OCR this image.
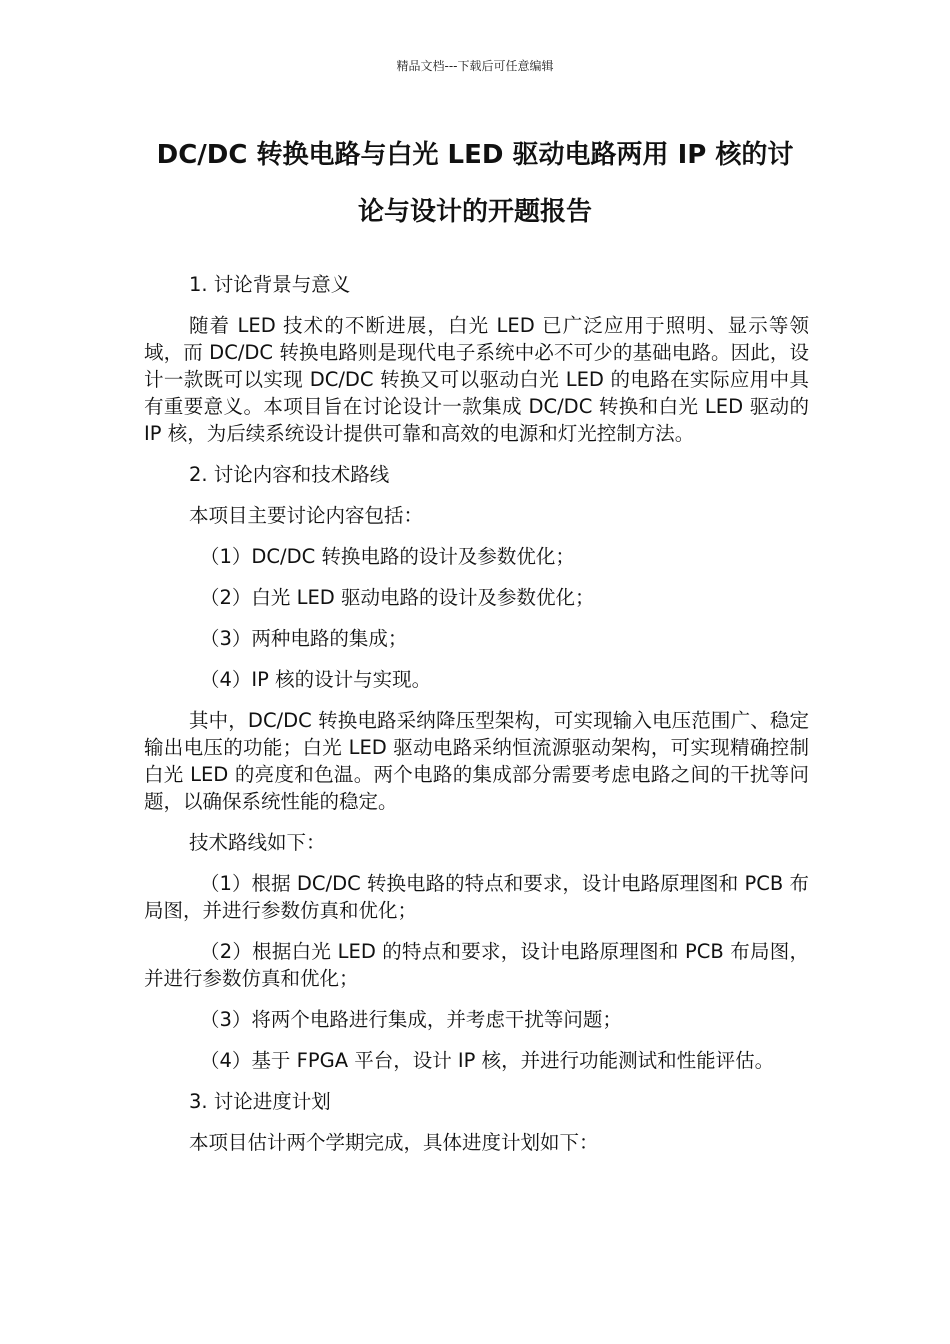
精品文档---下载后可任意编辑
DC/DC 转换电路与白光 LED 驱动电路两用 IP 核的讨
论与设计的开题报告

1. 讨论背景与意义

随着 LED 技术的不断进展，白光 LED 已广泛应用于照明、显示等领域，而 DC/DC 转换电路则是现代电子系统中必不可少的基础电路。因此，设计一款既可以实现 DC/DC 转换又可以驱动白光 LED 的电路在实际应用中具有重要意义。本项目旨在讨论设计一款集成 DC/DC 转换和白光 LED 驱动的 IP 核，为后续系统设计提供可靠和高效的电源和灯光控制方法。

2. 讨论内容和技术路线

本项目主要讨论内容包括：

（1）DC/DC 转换电路的设计及参数优化；

（2）白光 LED 驱动电路的设计及参数优化；

（3）两种电路的集成；

（4）IP 核的设计与实现。

其中，DC/DC 转换电路采纳降压型架构，可实现输入电压范围广、稳定输出电压的功能；白光 LED 驱动电路采纳恒流源驱动架构，可实现精确控制白光 LED 的亮度和色温。两个电路的集成部分需要考虑电路之间的干扰等问题，以确保系统性能的稳定。

技术路线如下：

（1）根据 DC/DC 转换电路的特点和要求，设计电路原理图和 PCB 布局图，并进行参数仿真和优化；

（2）根据白光 LED 的特点和要求，设计电路原理图和 PCB 布局图，并进行参数仿真和优化；

（3）将两个电路进行集成，并考虑干扰等问题；

（4）基于 FPGA 平台，设计 IP 核，并进行功能测试和性能评估。

3. 讨论进度计划

本项目估计两个学期完成，具体进度计划如下：
